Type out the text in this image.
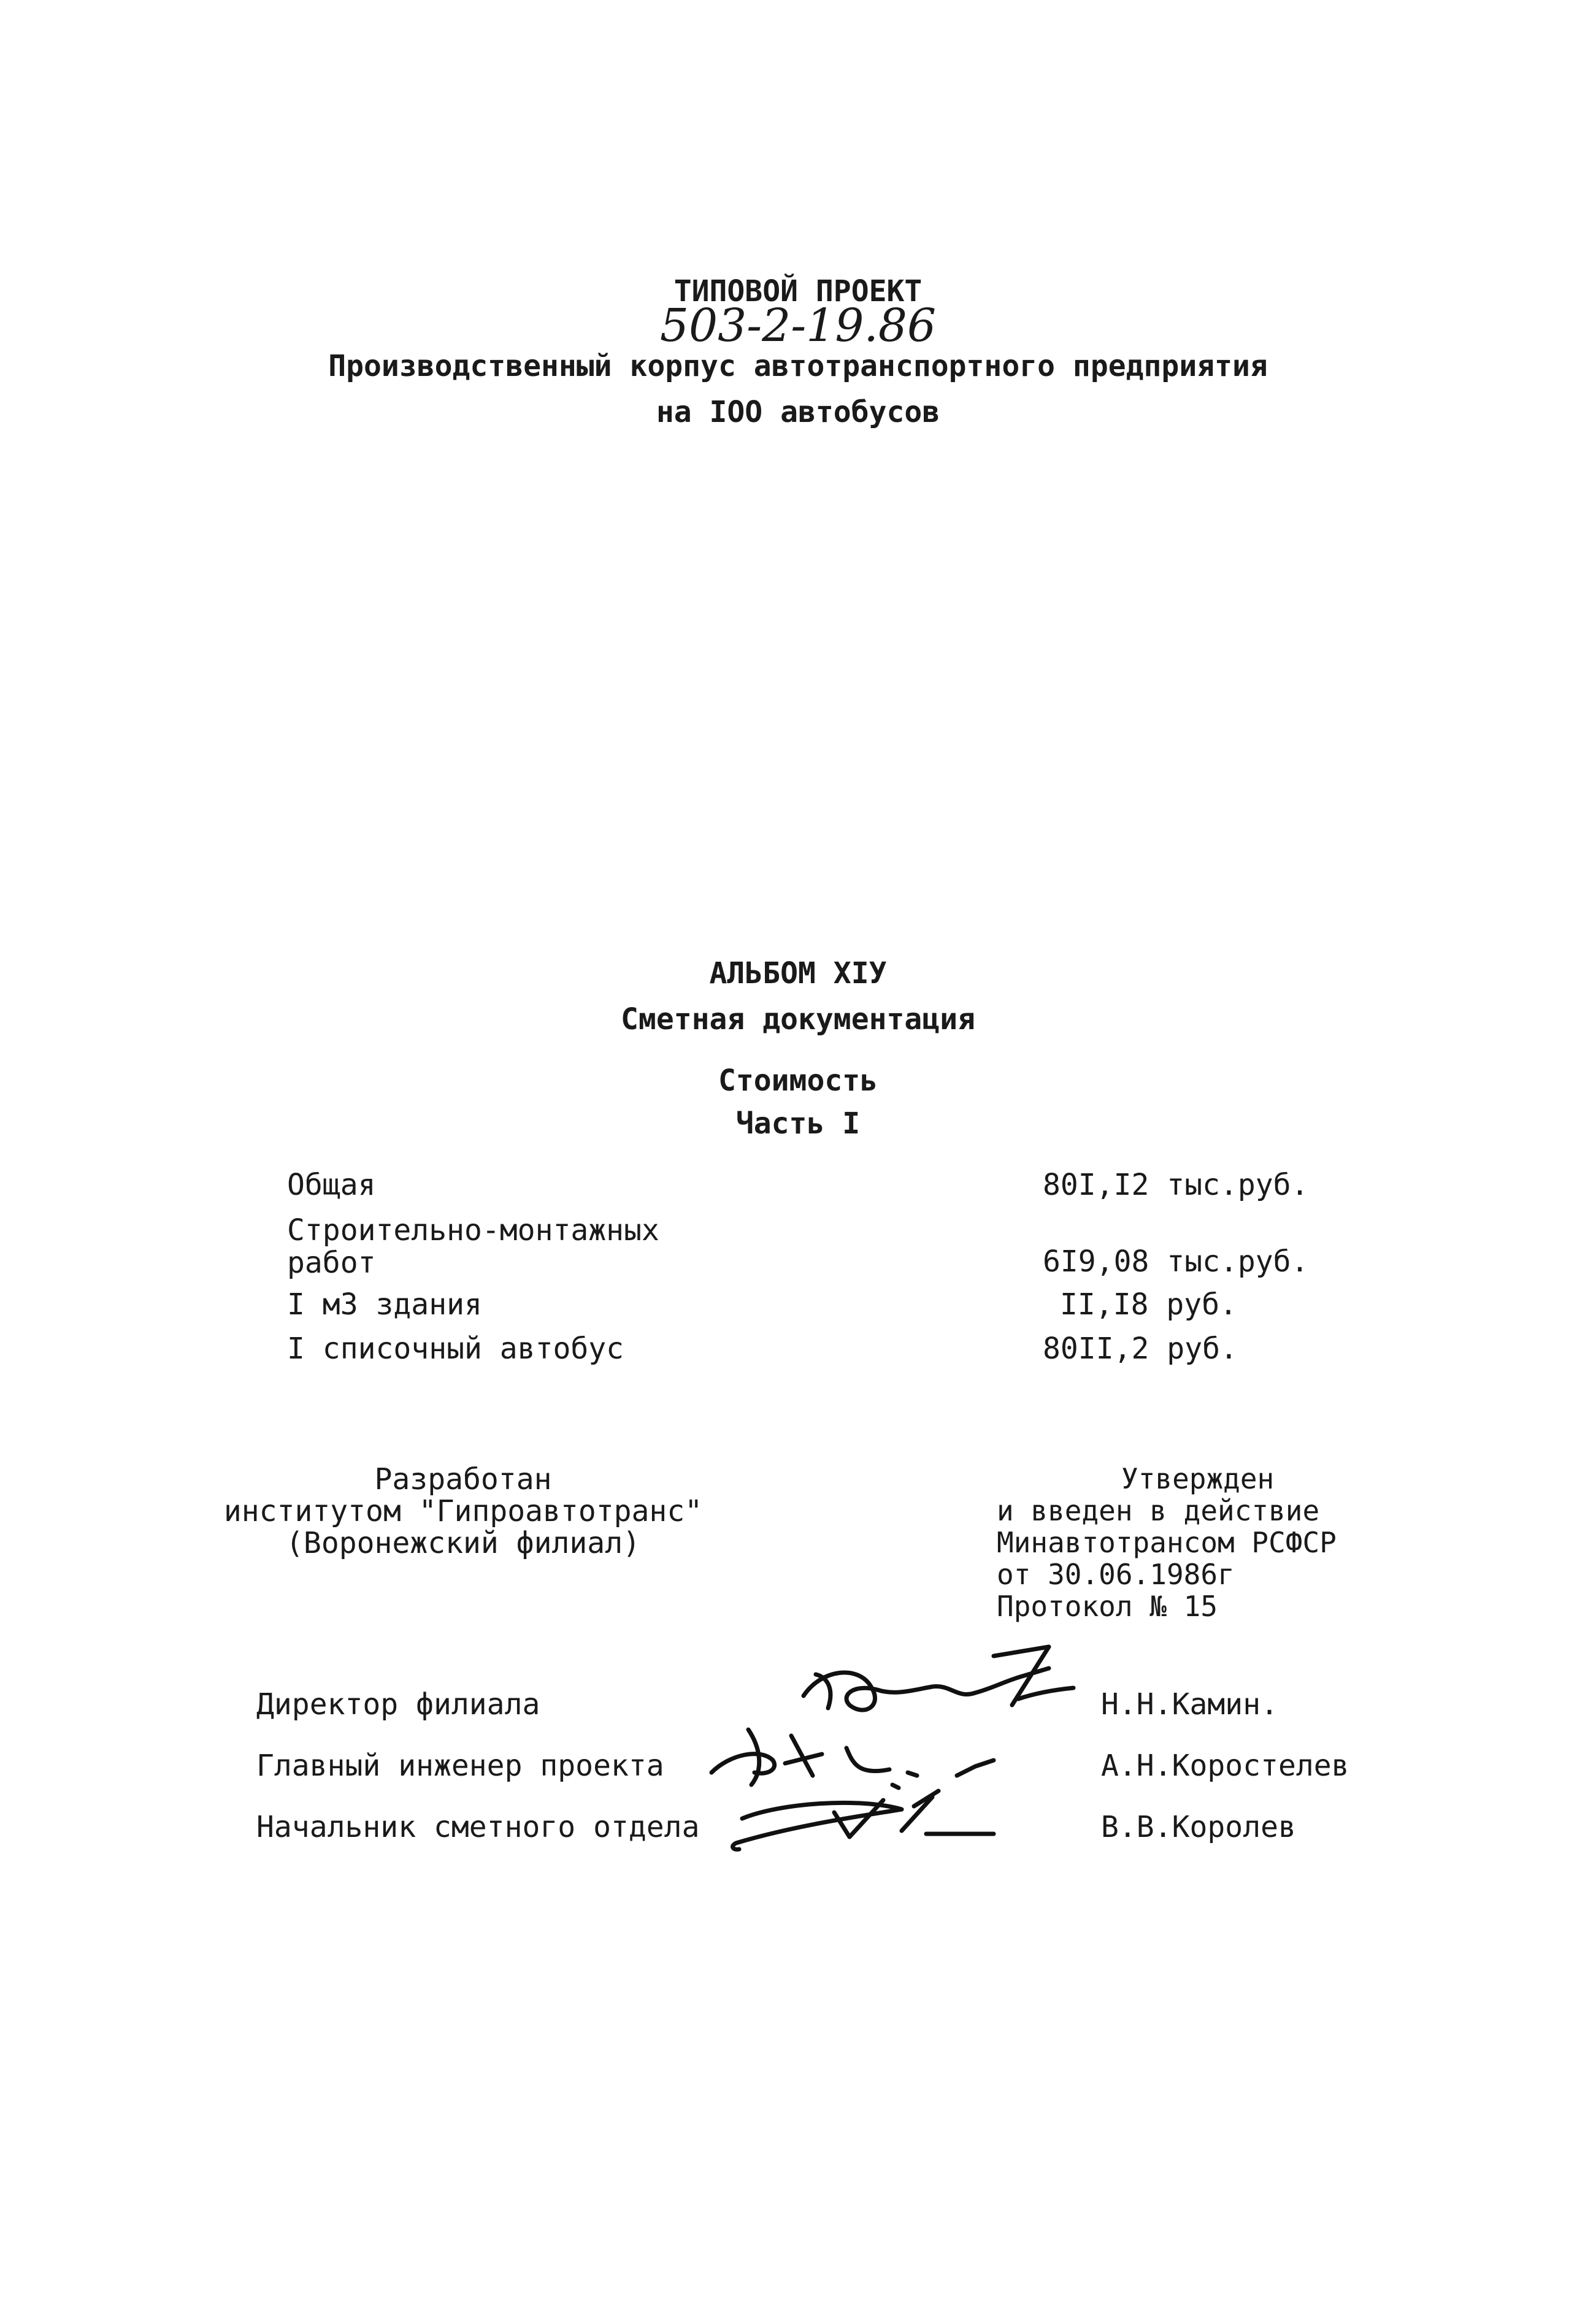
ТИПОВОЙ ПРОЕКТ
503-2-19.86
Производственный корпус автотранспортного предприятия
на IOO автобусов
АЛЬБОМ XIУ
Сметная документация
Стоимость
Часть I
Общая	80I,I2 тыс.руб.
Строительно-монтажных
работ	6I9,08 тыс.руб.
I м3 здания	II,I8 руб.
I списочный автобус	80II,2 руб.
Разработан
институтом "Гипроавтотранс"
(Воронежский филиал)
Утвержден
и введен в действие
Минавтотрансом РСФСР
от 30.06.1986г
Протокол № 15
Директор филиала	Н.Н.Камин.
Главный инженер проекта	А.Н.Коростелев
Начальник сметного отдела	В.В.Королев
